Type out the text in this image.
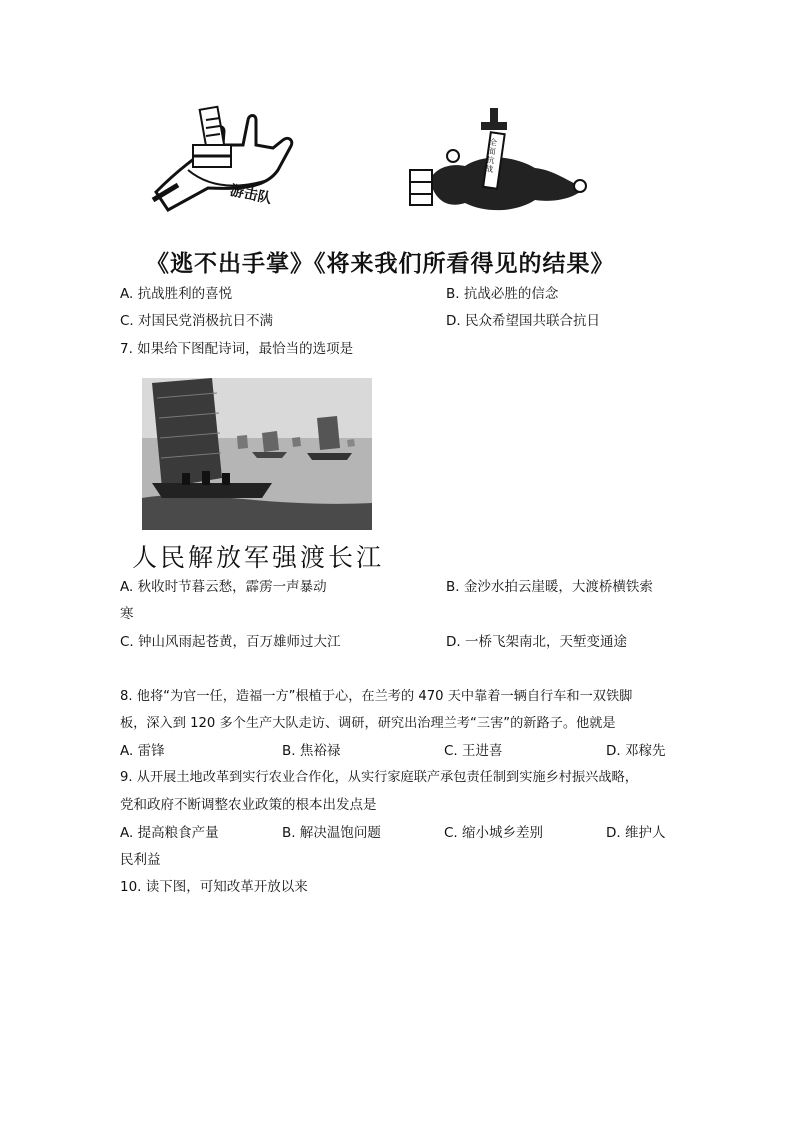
游击队
全面抗战
《逃不出手掌》《将来我们所看得见的结果》
A. 抗战胜利的喜悦	B. 抗战必胜的信念
C. 对国民党消极抗日不满	D. 民众希望国共联合抗日
7. 如果给下图配诗词，最恰当的选项是
人民解放军强渡长江
A. 秋收时节暮云愁，霹雳一声暴动	B. 金沙水拍云崖暖，大渡桥横铁索
寒
C. 钟山风雨起苍黄，百万雄师过大江	D. 一桥飞架南北，天堑变通途
8. 他将“为官一任，造福一方”根植于心，在兰考的 470 天中靠着一辆自行车和一双铁脚
板，深入到 120 多个生产大队走访、调研，研究出治理兰考“三害”的新路子。他就是
A. 雷锋	B. 焦裕禄	C. 王进喜	D. 邓稼先
9. 从开展土地改革到实行农业合作化，从实行家庭联产承包责任制到实施乡村振兴战略，
党和政府不断调整农业政策的根本出发点是
A. 提高粮食产量	B. 解决温饱问题	C. 缩小城乡差别	D. 维护人
民利益
10. 读下图，可知改革开放以来
